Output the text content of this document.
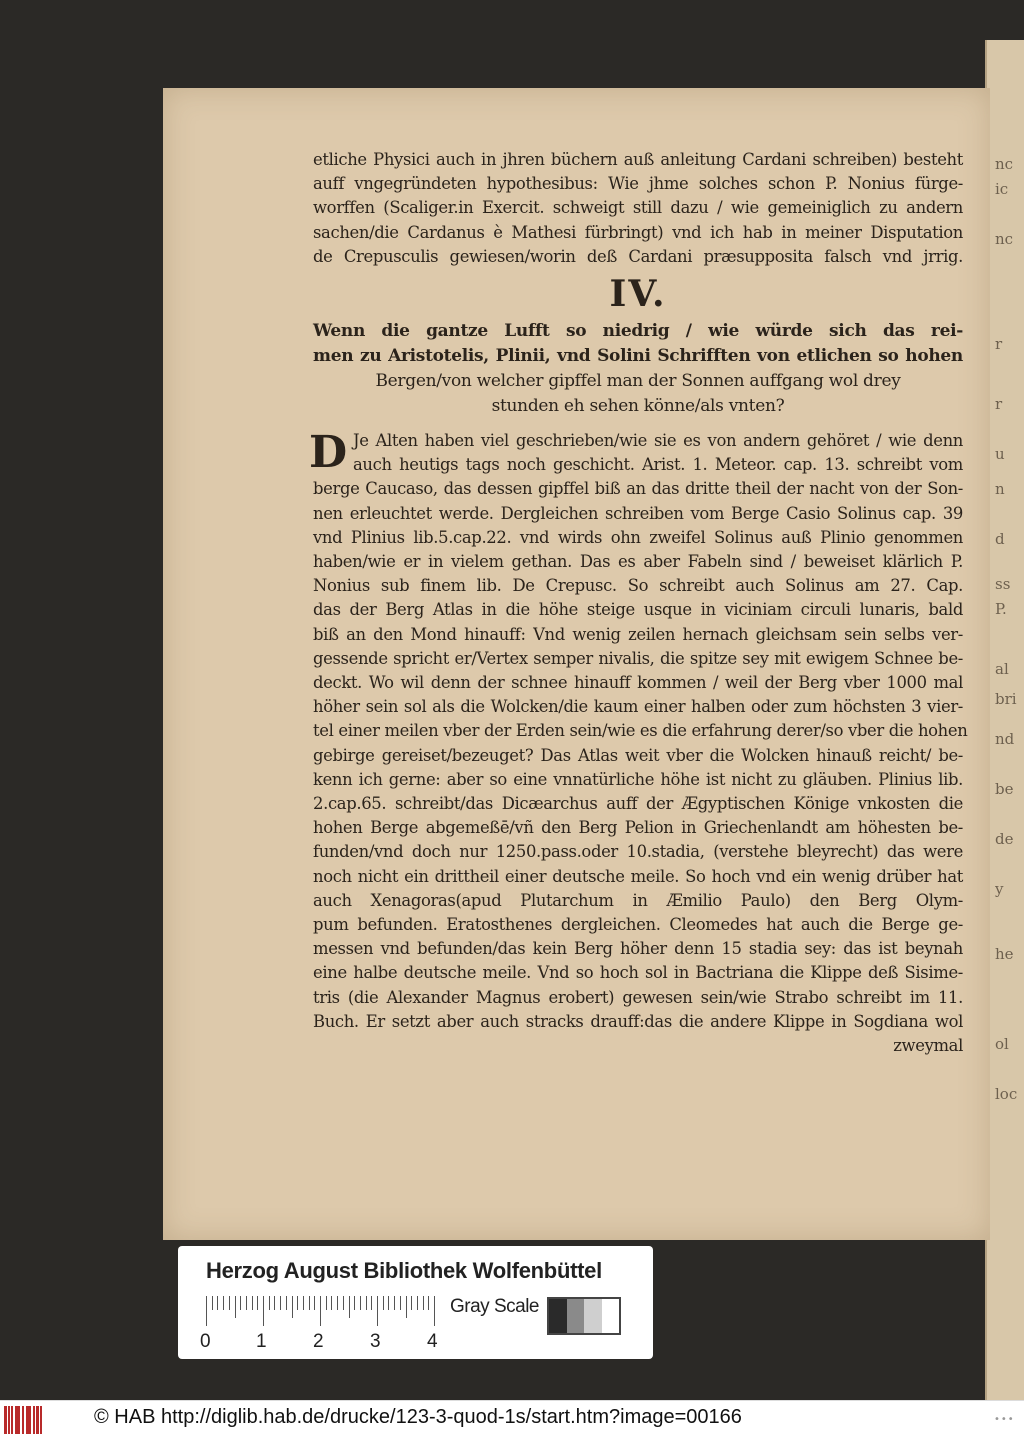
nc
ic
nc
r
r
u
n
d
ss
P.
al
bri
nd
be
de
y
he
ol
loc
etliche Physici auch in jhren büchern auß anleitung Cardani schreiben) besteht
auff vngegründeten hypothesibus: Wie jhme solches schon P. Nonius fürge-
worffen (Scaliger.in Exercit. schweigt still dazu / wie gemeiniglich zu andern
sachen/die Cardanus è Mathesi fürbringt) vnd ich hab in meiner Disputation
de Crepusculis gewiesen/worin deß Cardani præsupposita falsch vnd jrrig.
IV.
Wenn die gantze Lufft so niedrig / wie würde sich das rei-
men zu Aristotelis, Plinii, vnd Solini Schrifften von etlichen so hohen
Bergen/von welcher gipffel man der Sonnen auffgang wol drey
stunden eh sehen könne/als vnten?
D Je Alten haben viel geschrieben/wie sie es von andern gehöret / wie denn
auch heutigs tags noch geschicht. Arist. 1. Meteor. cap. 13. schreibt vom
berge Caucaso, das dessen gipffel biß an das dritte theil der nacht von der Son-
nen erleuchtet werde. Dergleichen schreiben vom Berge Casio Solinus cap. 39
vnd Plinius lib.5.cap.22. vnd wirds ohn zweifel Solinus auß Plinio genommen
haben/wie er in vielem gethan. Das es aber Fabeln sind / beweiset klärlich P.
Nonius sub finem lib. De Crepusc. So schreibt auch Solinus am 27. Cap.
das der Berg Atlas in die höhe steige usque in viciniam circuli lunaris, bald
biß an den Mond hinauff: Vnd wenig zeilen hernach gleichsam sein selbs ver-
gessende spricht er/Vertex semper nivalis, die spitze sey mit ewigem Schnee be-
deckt. Wo wil denn der schnee hinauff kommen / weil der Berg vber 1000 mal
höher sein sol als die Wolcken/die kaum einer halben oder zum höchsten 3 vier-
tel einer meilen vber der Erden sein/wie es die erfahrung derer/so vber die hohen
gebirge gereiset/bezeuget? Das Atlas weit vber die Wolcken hinauß reicht/ be-
kenn ich gerne: aber so eine vnnatürliche höhe ist nicht zu gläuben. Plinius lib.
2.cap.65. schreibt/das Dicæarchus auff der Ægyptischen Könige vnkosten die
hohen Berge abgemeßē/vñ den Berg Pelion in Griechenlandt am höhesten be-
funden/vnd doch nur 1250.pass.oder 10.stadia, (verstehe bleyrecht) das were
noch nicht ein drittheil einer deutsche meile. So hoch vnd ein wenig drüber hat
auch Xenagoras(apud Plutarchum in Æmilio Paulo) den Berg Olym-
pum befunden. Eratosthenes dergleichen. Cleomedes hat auch die Berge ge-
messen vnd befunden/das kein Berg höher denn 15 stadia sey: das ist beynah
eine halbe deutsche meile. Vnd so hoch sol in Bactriana die Klippe deß Sisime-
tris (die Alexander Magnus erobert) gewesen sein/wie Strabo schreibt im 11.
Buch. Er setzt aber auch stracks drauff:das die andere Klippe in Sogdiana wol
zweymal
Herzog August Bibliothek Wolfenbüttel
0 1 2 3 4
Gray Scale
© HAB http://diglib.hab.de/drucke/123-3-quod-1s/start.htm?image=00166	•••
